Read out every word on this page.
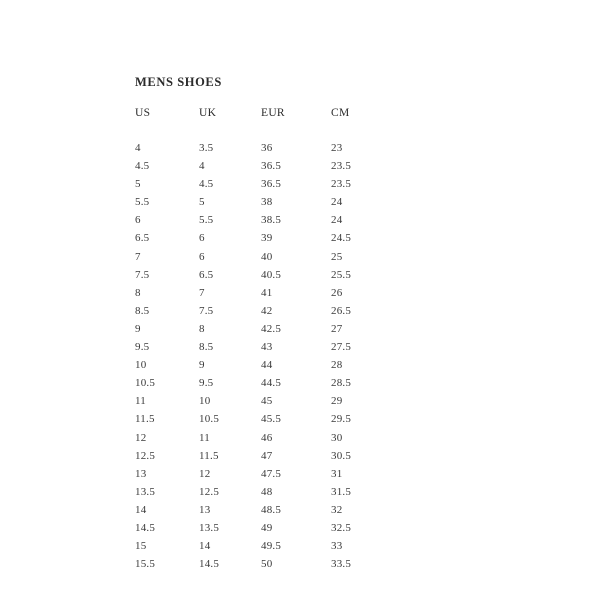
MENS SHOES
US	UK	EUR	CM
4	3.5	36	23
4.5	4	36.5	23.5
5	4.5	36.5	23.5
5.5	5	38	24
6	5.5	38.5	24
6.5	6	39	24.5
7	6	40	25
7.5	6.5	40.5	25.5
8	7	41	26
8.5	7.5	42	26.5
9	8	42.5	27
9.5	8.5	43	27.5
10	9	44	28
10.5	9.5	44.5	28.5
11	10	45	29
11.5	10.5	45.5	29.5
12	11	46	30
12.5	11.5	47	30.5
13	12	47.5	31
13.5	12.5	48	31.5
14	13	48.5	32
14.5	13.5	49	32.5
15	14	49.5	33
15.5	14.5	50	33.5
